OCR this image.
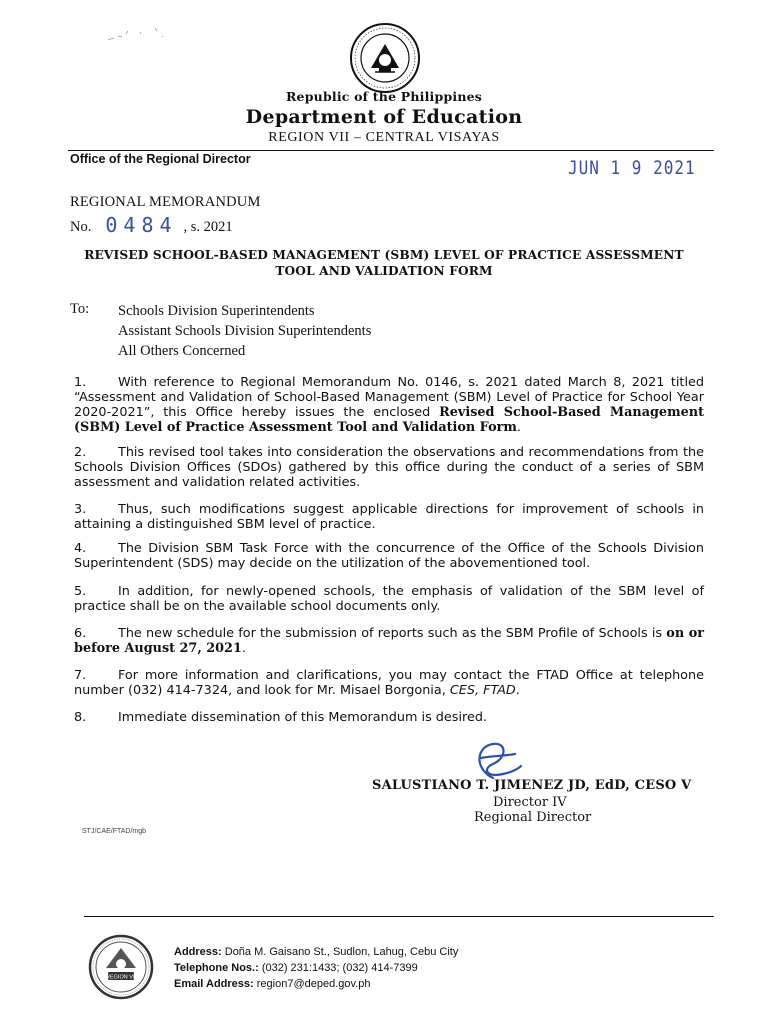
Republic of the Philippines
Department of Education
REGION VII – CENTRAL VISAYAS
Office of the Regional Director	JUN 1 9 2021
REGIONAL MEMORANDUM
No. 0484 , s. 2021
REVISED SCHOOL-BASED MANAGEMENT (SBM) LEVEL OF PRACTICE ASSESSMENT
TOOL AND VALIDATION FORM
To: Schools Division Superintendents
Assistant Schools Division Superintendents
All Others Concerned
1. With reference to Regional Memorandum No. 0146, s. 2021 dated March 8, 2021 titled “Assessment and Validation of School-Based Management (SBM) Level of Practice for School Year 2020-2021”, this Office hereby issues the enclosed Revised School-Based Management (SBM) Level of Practice Assessment Tool and Validation Form.
2. This revised tool takes into consideration the observations and recommendations from the Schools Division Offices (SDOs) gathered by this office during the conduct of a series of SBM assessment and validation related activities.
3. Thus, such modifications suggest applicable directions for improvement of schools in attaining a distinguished SBM level of practice.
4. The Division SBM Task Force with the concurrence of the Office of the Schools Division Superintendent (SDS) may decide on the utilization of the abovementioned tool.
5. In addition, for newly-opened schools, the emphasis of validation of the SBM level of practice shall be on the available school documents only.
6. The new schedule for the submission of reports such as the SBM Profile of Schools is on or before August 27, 2021.
7. For more information and clarifications, you may contact the FTAD Office at telephone number (032) 414-7324, and look for Mr. Misael Borgonia, CES, FTAD.
8. Immediate dissemination of this Memorandum is desired.
SALUSTIANO T. JIMENEZ JD, EdD, CESO V
Director IV
Regional Director
STJ/CAE/FTAD/mgb
REGION VII
Address: Doña M. Gaisano St., Sudlon, Lahug, Cebu City
Telephone Nos.: (032) 231:1433; (032) 414-7399
Email Address: region7@deped.gov.ph
